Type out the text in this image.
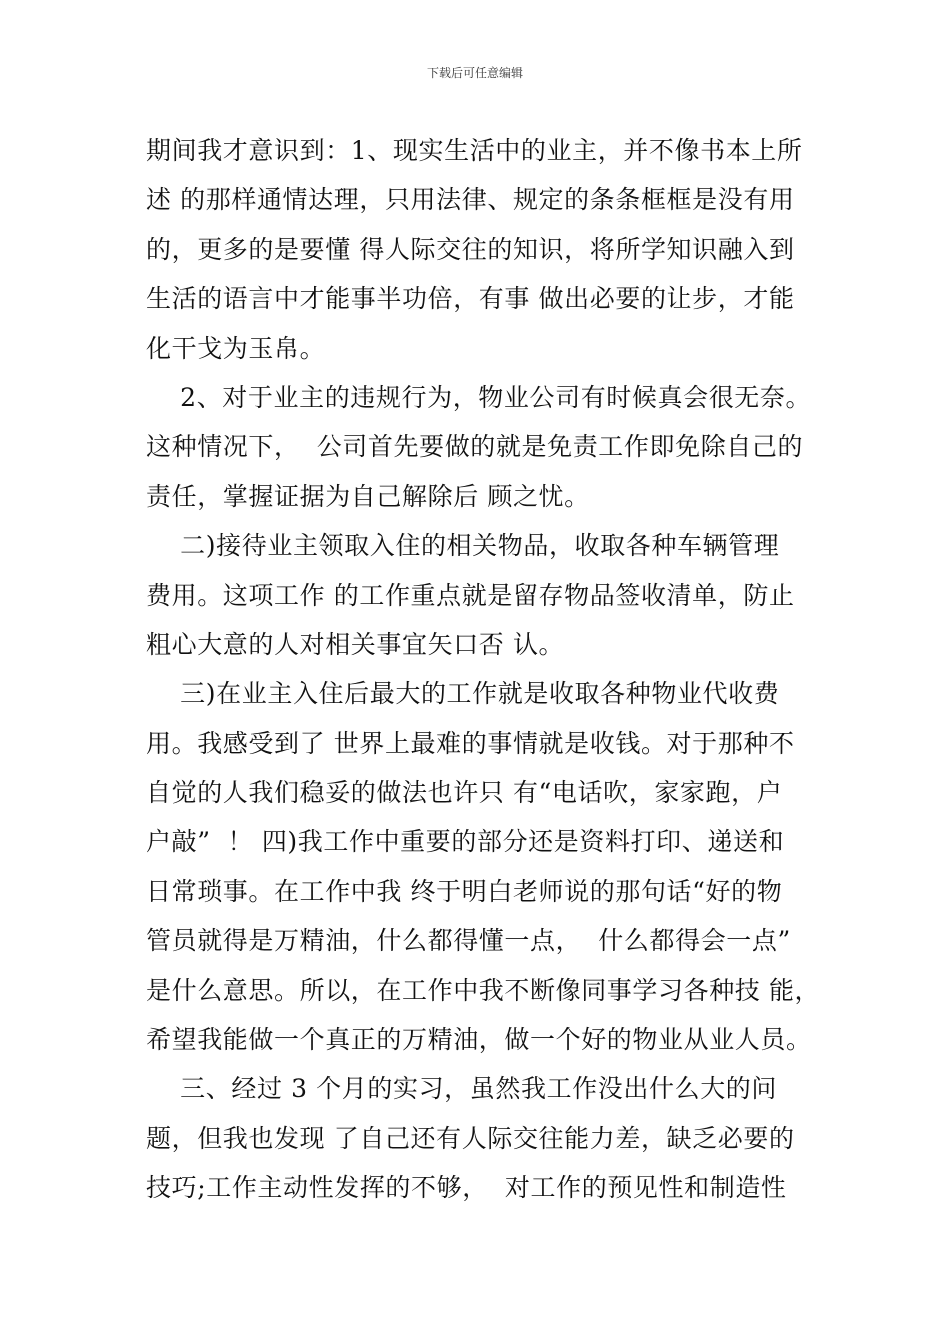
下载后可任意编辑
期间我才意识到：1、现实生活中的业主，并不像书本上所
述 的那样通情达理，只用法律、规定的条条框框是没有用
的，更多的是要懂 得人际交往的知识，将所学知识融入到
生活的语言中才能事半功倍，有事 做出必要的让步，才能
化干戈为玉帛。
2、对于业主的违规行为，物业公司有时候真会很无奈。
这种情况下，  公司首先要做的就是免责工作即免除自己的
责任，掌握证据为自己解除后 顾之忧。
二)接待业主领取入住的相关物品，收取各种车辆管理
费用。这项工作 的工作重点就是留存物品签收清单，防止
粗心大意的人对相关事宜矢口否 认。
三)在业主入住后最大的工作就是收取各种物业代收费
用。我感受到了 世界上最难的事情就是收钱。对于那种不
自觉的人我们稳妥的做法也许只 有“电话吹，家家跑，户
户敲”  ！ 四)我工作中重要的部分还是资料打印、递送和
日常琐事。在工作中我 终于明白老师说的那句话“好的物
管员就得是万精油，什么都得懂一点，  什么都得会一点”
是什么意思。所以，在工作中我不断像同事学习各种技 能，
希望我能做一个真正的万精油，做一个好的物业从业人员。
三、经过 3 个月的实习，虽然我工作没出什么大的问
题，但我也发现 了自己还有人际交往能力差，缺乏必要的
技巧;工作主动性发挥的不够，  对工作的预见性和制造性
